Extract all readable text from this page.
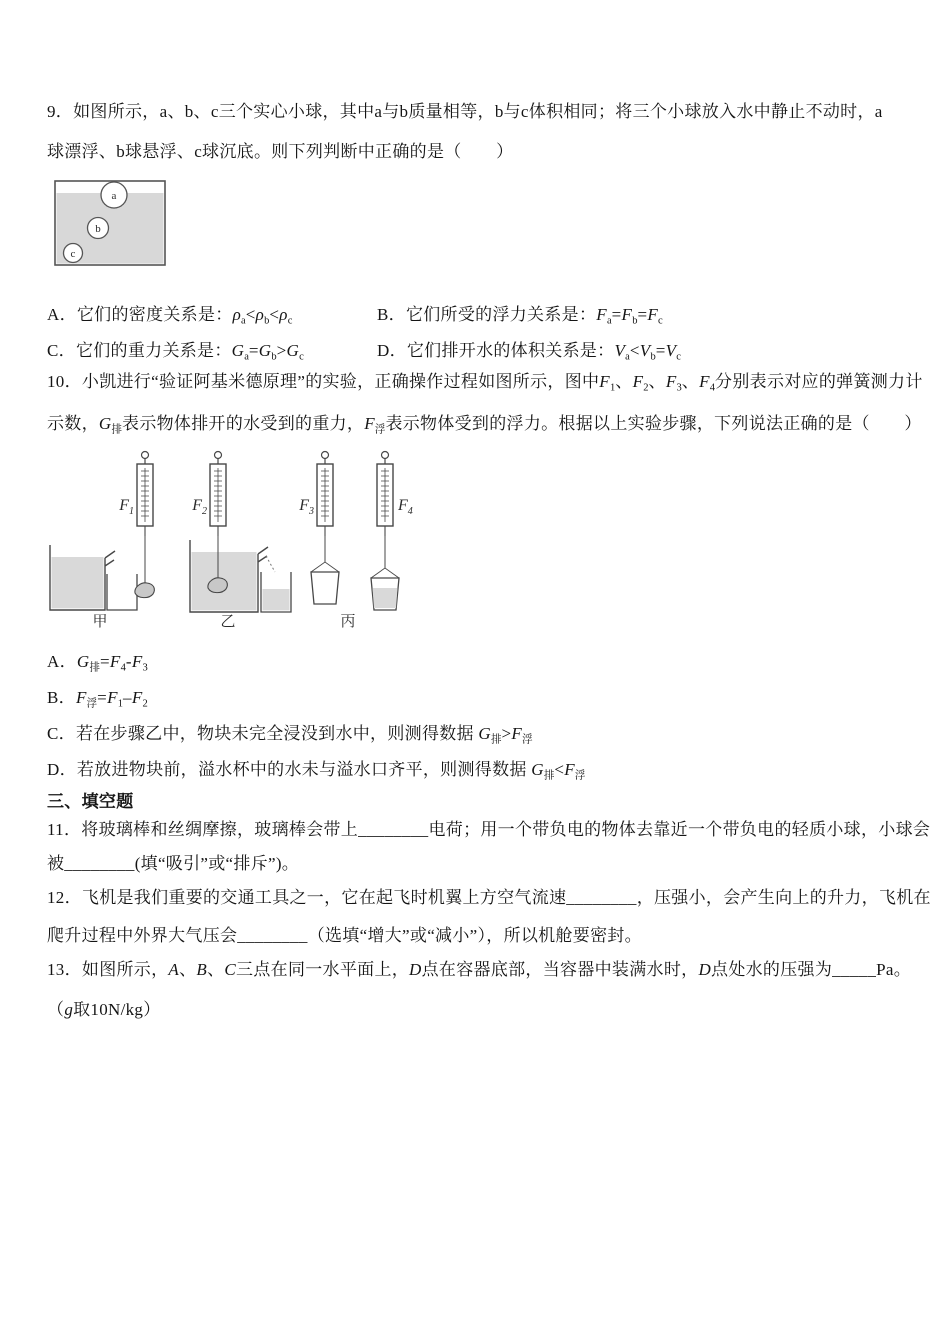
9．如图所示，a、b、c三个实心小球，其中a与b质量相等，b与c体积相同；将三个小球放入水中静止不动时，a
球漂浮、b球悬浮、c球沉底。则下列判断中正确的是（　　）
a
b
c
A．它们的密度关系是：$\rho_a<\rho_b<\rho_c$	B．它们所受的浮力关系是：$F_a=F_b=F_c$
C．它们的重力关系是：$G_a=G_b>G_c$	D．它们排开水的体积关系是：$V_a<V_b=V_c$
10．小凯进行“验证阿基米德原理”的实验，正确操作过程如图所示，图中$F_1$、$F_2$、$F_3$、$F_4$分别表示对应的弹簧测力计
示数，$G_排$表示物体排开的水受到的重力，$F_浮$表示物体受到的浮力。根据以上实验步骤，下列说法正确的是（　　）
$F_1$	$F_2$	$F_3$	$F_4$
甲	乙	丙
A．$G_排=F_4-F_3$
B．$F_浮=F_1-F_2$
C．若在步骤乙中，物块未完全浸没到水中，则测得数据 $G_排>F_浮$
D．若放进物块前，溢水杯中的水未与溢水口齐平，则测得数据 $G_排<F_浮$
三、填空题
11．将玻璃棒和丝绸摩擦，玻璃棒会带上________电荷；用一个带负电的物体去靠近一个带负电的轻质小球，小球会
被________(填“吸引”或“排斥”)。
12．飞机是我们重要的交通工具之一，它在起飞时机翼上方空气流速________，压强小，会产生向上的升力，飞机在
爬升过程中外界大气压会________（选填“增大”或“减小”），所以机舱要密封。
13．如图所示，A、B、C三点在同一水平面上，D点在容器底部，当容器中装满水时，D点处水的压强为_____Pa。
（g取10N/kg）
